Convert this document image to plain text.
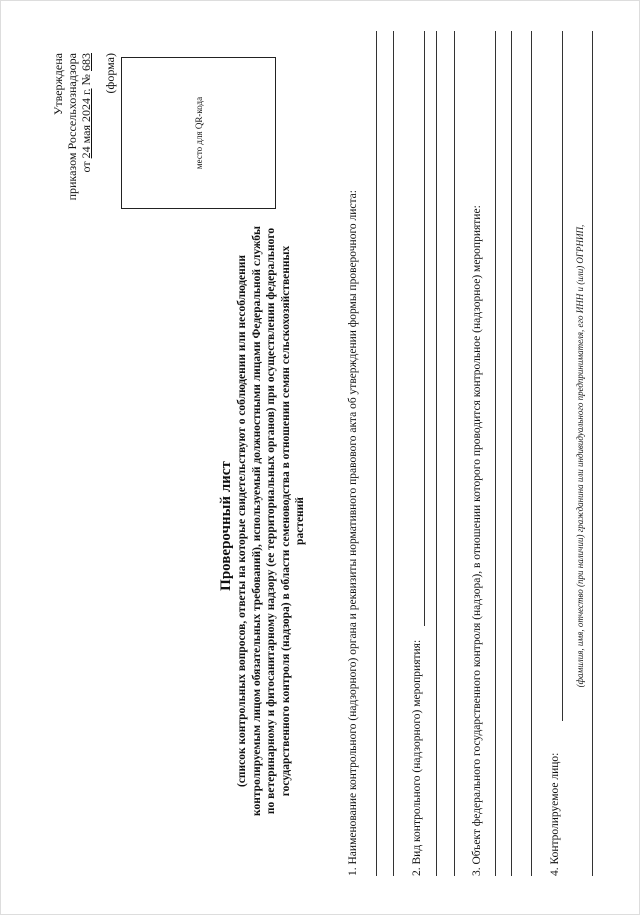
Утверждена приказом Россельхознадзора от 24 мая 2024 г. № 683 (форма)
место для QR-кода
Проверочный лист (список контрольных вопросов, ответы на которые свидетельствуют о соблюдении или несоблюдении контролируемым лицом обязательных требований), используемый должностными лицами Федеральной службы по ветеринарному и фитосанитарному надзору (ее территориальных органов) при осуществлении федерального государственного контроля (надзора) в области семеноводства в отношении семян сельскохозяйственных растений	1. Наименование контрольного (надзорного) органа и реквизиты нормативного правового акта об утверждении формы проверочного листа:	2. Вид контрольного (надзорного) мероприятия:	3. Объект федерального государственного контроля (надзора), в отношении которого проводится контрольное (надзорное) мероприятие:	4. Контролируемое лицо:
(фамилия, имя, отчество (при наличии) гражданина или индивидуального предпринимателя, его ИНН и (или) ОГРНИП,
